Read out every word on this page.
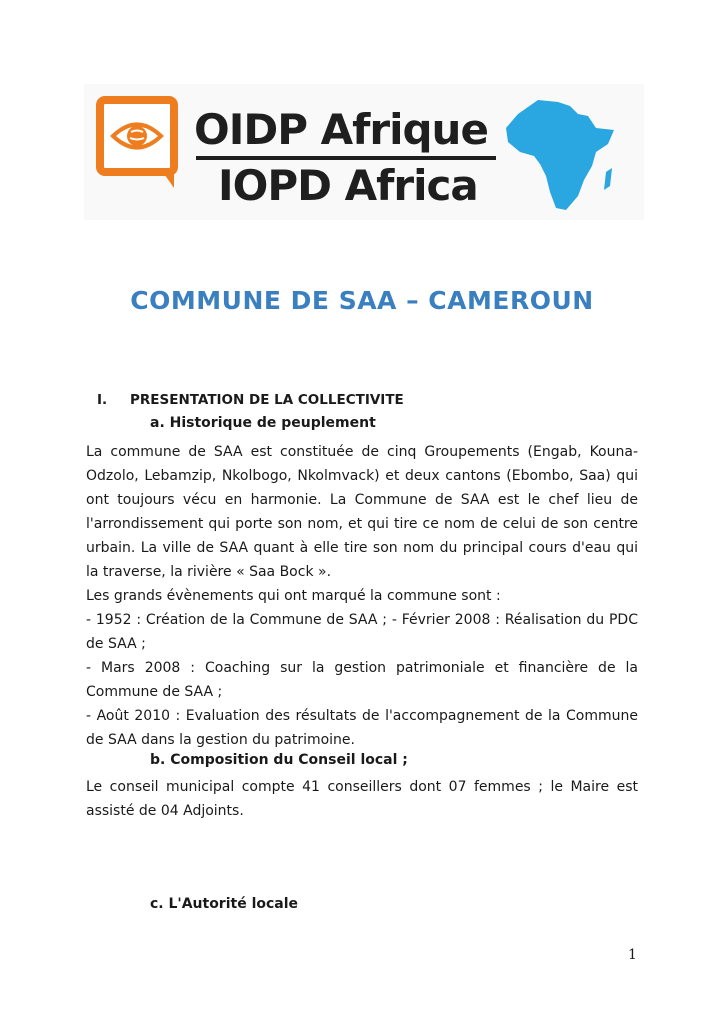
OIDP Afrique
IOPD Africa
COMMUNE DE SAA – CAMEROUN
I. PRESENTATION DE LA COLLECTIVITE
a. Historique de peuplement
La commune de SAA est constituée de cinq Groupements (Engab, Kouna-
Odzolo, Lebamzip, Nkolbogo, Nkolmvack) et deux cantons (Ebombo, Saa) qui
ont toujours vécu en harmonie. La Commune de SAA est le chef lieu de
l'arrondissement qui porte son nom, et qui tire ce nom de celui de son centre
urbain. La ville de SAA quant à elle tire son nom du principal cours d'eau qui
la traverse, la rivière « Saa Bock ».
Les grands évènements qui ont marqué la commune sont :
- 1952 : Création de la Commune de SAA ; - Février 2008 : Réalisation du PDC
de SAA ;
- Mars 2008 : Coaching sur la gestion patrimoniale et financière de la
Commune de SAA ;
- Août 2010 : Evaluation des résultats de l'accompagnement de la Commune
de SAA dans la gestion du patrimoine.
b. Composition du Conseil local ;
Le conseil municipal compte 41 conseillers dont 07 femmes ; le Maire est
assisté de 04 Adjoints.
c. L'Autorité locale
1
